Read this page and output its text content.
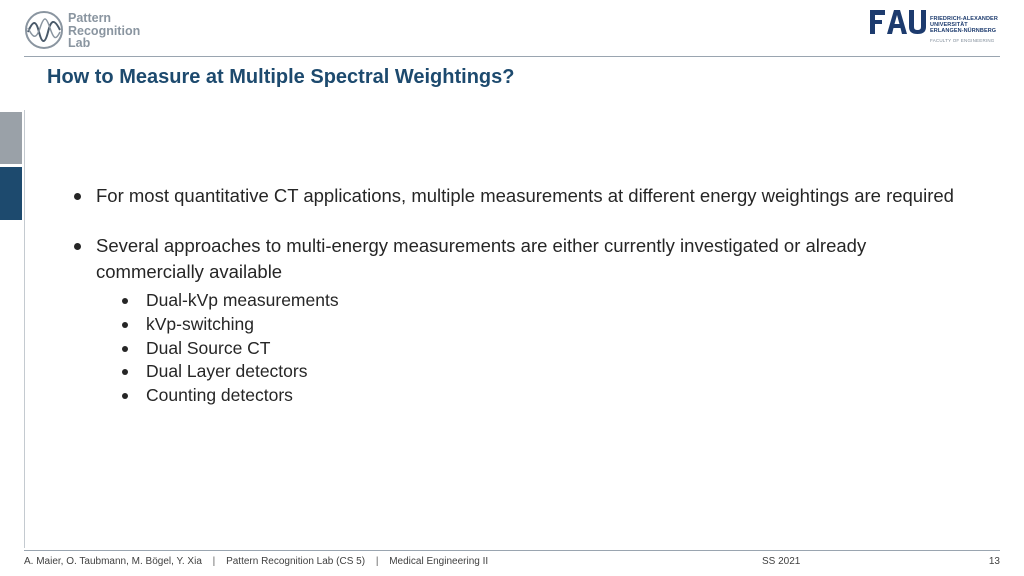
Pattern
Recognition
Lab
FRIEDRICH-ALEXANDER
UNIVERSITÄT
ERLANGEN-NÜRNBERG
FACULTY OF ENGINEERING
How to Measure at Multiple Spectral Weightings?
For most quantitative CT applications, multiple measurements at different energy weightings are required
Several approaches to multi-energy measurements are either currently investigated or already commercially available
Dual-kVp measurements
kVp-switching
Dual Source CT
Dual Layer detectors
Counting detectors
A. Maier, O. Taubmann, M. Bögel, Y. Xia | Pattern Recognition Lab (CS 5) | Medical Engineering II	SS 2021	13
